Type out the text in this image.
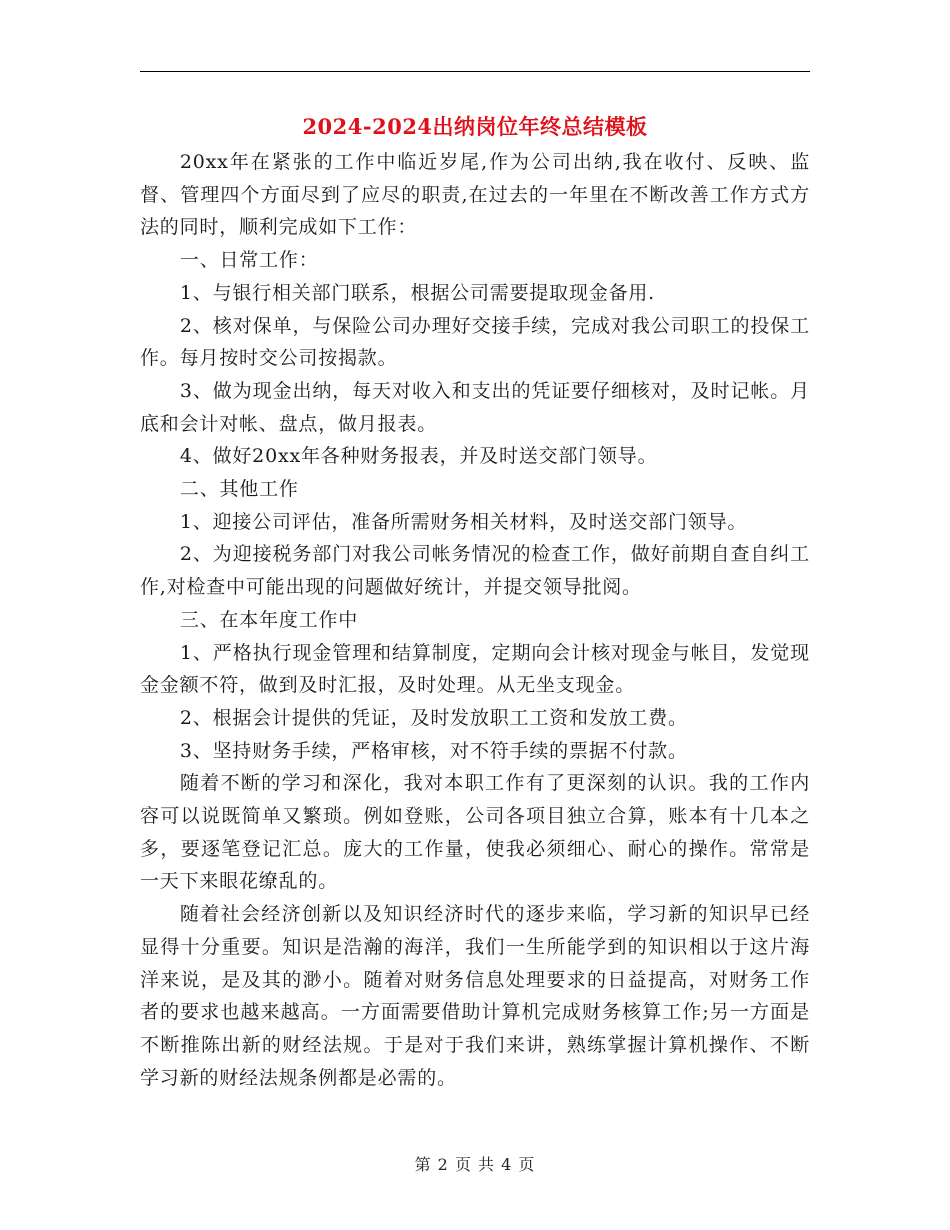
2024-2024出纳岗位年终总结模板

20xx年在紧张的工作中临近岁尾,作为公司出纳,我在收付、反映、监督、管理四个方面尽到了应尽的职责,在过去的一年里在不断改善工作方式方法的同时，顺利完成如下工作：

一、日常工作：

1、与银行相关部门联系，根据公司需要提取现金备用.

2、核对保单，与保险公司办理好交接手续，完成对我公司职工的投保工作。每月按时交公司按揭款。

3、做为现金出纳，每天对收入和支出的凭证要仔细核对，及时记帐。月底和会计对帐、盘点，做月报表。

4、做好20xx年各种财务报表，并及时送交部门领导。

二、其他工作

1、迎接公司评估，准备所需财务相关材料，及时送交部门领导。

2、为迎接税务部门对我公司帐务情况的检查工作，做好前期自查自纠工作,对检查中可能出现的问题做好统计，并提交领导批阅。

三、在本年度工作中

1、严格执行现金管理和结算制度，定期向会计核对现金与帐目，发觉现金金额不符，做到及时汇报，及时处理。从无坐支现金。

2、根据会计提供的凭证，及时发放职工工资和发放工费。

3、坚持财务手续，严格审核，对不符手续的票据不付款。

随着不断的学习和深化，我对本职工作有了更深刻的认识。我的工作内容可以说既简单又繁琐。例如登账，公司各项目独立合算，账本有十几本之多，要逐笔登记汇总。庞大的工作量，使我必须细心、耐心的操作。常常是一天下来眼花缭乱的。

随着社会经济创新以及知识经济时代的逐步来临，学习新的知识早已经显得十分重要。知识是浩瀚的海洋，我们一生所能学到的知识相以于这片海洋来说，是及其的渺小。随着对财务信息处理要求的日益提高，对财务工作者的要求也越来越高。一方面需要借助计算机完成财务核算工作;另一方面是不断推陈出新的财经法规。于是对于我们来讲，熟练掌握计算机操作、不断学习新的财经法规条例都是必需的。

第 2 页 共 4 页
